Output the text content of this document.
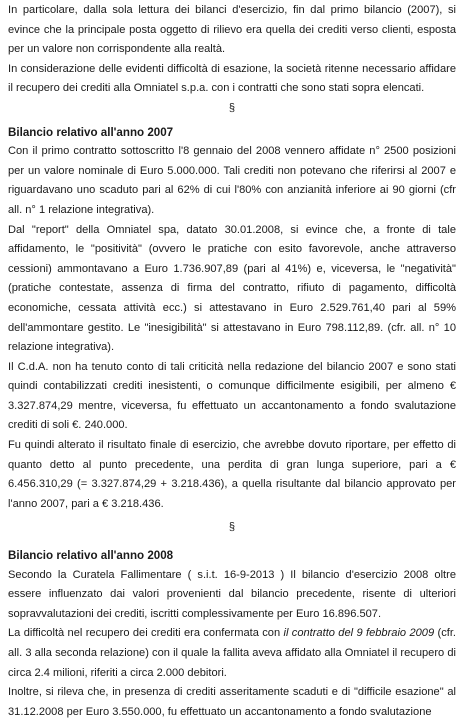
In particolare, dalla sola lettura dei bilanci d'esercizio, fin dal primo bilancio (2007), si evince che la principale posta oggetto di rilievo era quella dei crediti verso clienti, esposta per un valore non corrispondente alla realtà.

In considerazione delle evidenti difficoltà di esazione, la società ritenne necessario affidare il recupero dei crediti alla Omniatel s.p.a. con i contratti che sono stati sopra elencati.

§
Bilancio relativo all'anno 2007

Con il primo contratto sottoscritto l'8 gennaio del 2008 vennero affidate n° 2500 posizioni per un valore nominale di Euro 5.000.000. Tali crediti non potevano che riferirsi al 2007 e riguardavano uno scaduto pari al 62% di cui l'80% con anzianità inferiore ai 90 giorni (cfr all. n° 1 relazione integrativa).

Dal "report" della Omniatel spa, datato 30.01.2008, si evince che, a fronte di tale affidamento, le "positività" (ovvero le pratiche con esito favorevole, anche attraverso cessioni) ammontavano a Euro 1.736.907,89 (pari al 41%) e, viceversa, le "negatività" (pratiche contestate, assenza di firma del contratto, rifiuto di pagamento, difficoltà economiche, cessata attività ecc.) si attestavano in Euro 2.529.761,40 pari al 59% dell'ammontare gestito. Le "inesigibilità" si attestavano in Euro 798.112,89. (cfr. all. n° 10 relazione integrativa).

Il C.d.A. non ha tenuto conto di tali criticità nella redazione del bilancio 2007 e sono stati quindi contabilizzati crediti inesistenti, o comunque difficilmente esigibili, per almeno € 3.327.874,29 mentre, viceversa, fu effettuato un accantonamento a fondo svalutazione crediti di soli €. 240.000.

Fu quindi alterato il risultato finale di esercizio, che avrebbe dovuto riportare, per effetto di quanto detto al punto precedente, una perdita di gran lunga superiore, pari a € 6.456.310,29 (= 3.327.874,29 + 3.218.436), a quella risultante dal bilancio approvato per l'anno 2007, pari a € 3.218.436.

§
Bilancio relativo all'anno 2008

Secondo la Curatela Fallimentare ( s.i.t. 16-9-2013 ) Il bilancio d'esercizio 2008 oltre essere influenzato dai valori provenienti dal bilancio precedente, risente di ulteriori sopravvalutazioni dei crediti, iscritti complessivamente per Euro 16.896.507.

La difficoltà nel recupero dei crediti era confermata con il contratto del 9 febbraio 2009 (cfr. all. 3 alla seconda relazione) con il quale la fallita aveva affidato alla Omniatel il recupero di circa 2.4 milioni, riferiti a circa 2.000 debitori.

Inoltre, si rileva che, in presenza di crediti asseritamente scaduti e di "difficile esazione" al 31.12.2008 per Euro 3.550.000, fu effettuato un accantonamento a fondo svalutazione
